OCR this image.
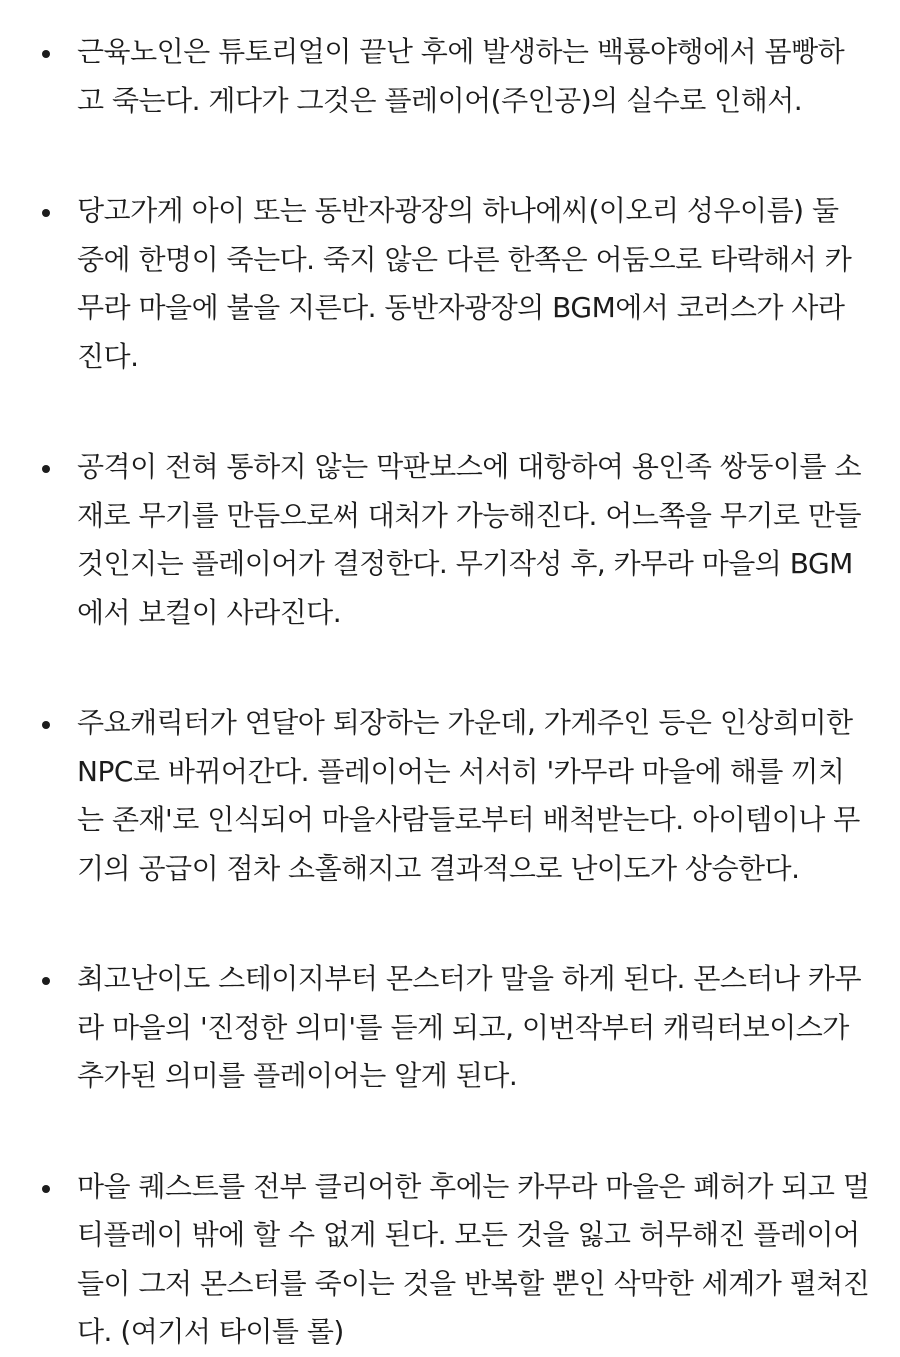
근육노인은 튜토리얼이 끝난 후에 발생하는 백룡야행에서 몸빵하고 죽는다. 게다가 그것은 플레이어(주인공)의 실수로 인해서.
당고가게 아이 또는 동반자광장의 하나에씨(이오리 성우이름) 둘 중에 한명이 죽는다. 죽지 않은 다른 한쪽은 어둠으로 타락해서 카무라 마을에 불을 지른다. 동반자광장의 BGM에서 코러스가 사라진다.
공격이 전혀 통하지 않는 막판보스에 대항하여 용인족 쌍둥이를 소재로 무기를 만듬으로써 대처가 가능해진다. 어느쪽을 무기로 만들 것인지는 플레이어가 결정한다. 무기작성 후, 카무라 마을의 BGM에서 보컬이 사라진다.
주요캐릭터가 연달아 퇴장하는 가운데, 가게주인 등은 인상희미한 NPC로 바뀌어간다. 플레이어는 서서히 '카무라 마을에 해를 끼치는 존재'로 인식되어 마을사람들로부터 배척받는다. 아이템이나 무기의 공급이 점차 소홀해지고 결과적으로 난이도가 상승한다.
최고난이도 스테이지부터 몬스터가 말을 하게 된다. 몬스터나 카무라 마을의 '진정한 의미'를 듣게 되고, 이번작부터 캐릭터보이스가 추가된 의미를 플레이어는 알게 된다.
마을 퀘스트를 전부 클리어한 후에는 카무라 마을은 폐허가 되고 멀티플레이 밖에 할 수 없게 된다. 모든 것을 잃고 허무해진 플레이어들이 그저 몬스터를 죽이는 것을 반복할 뿐인 삭막한 세계가 펼쳐진다. (여기서 타이틀 롤)
